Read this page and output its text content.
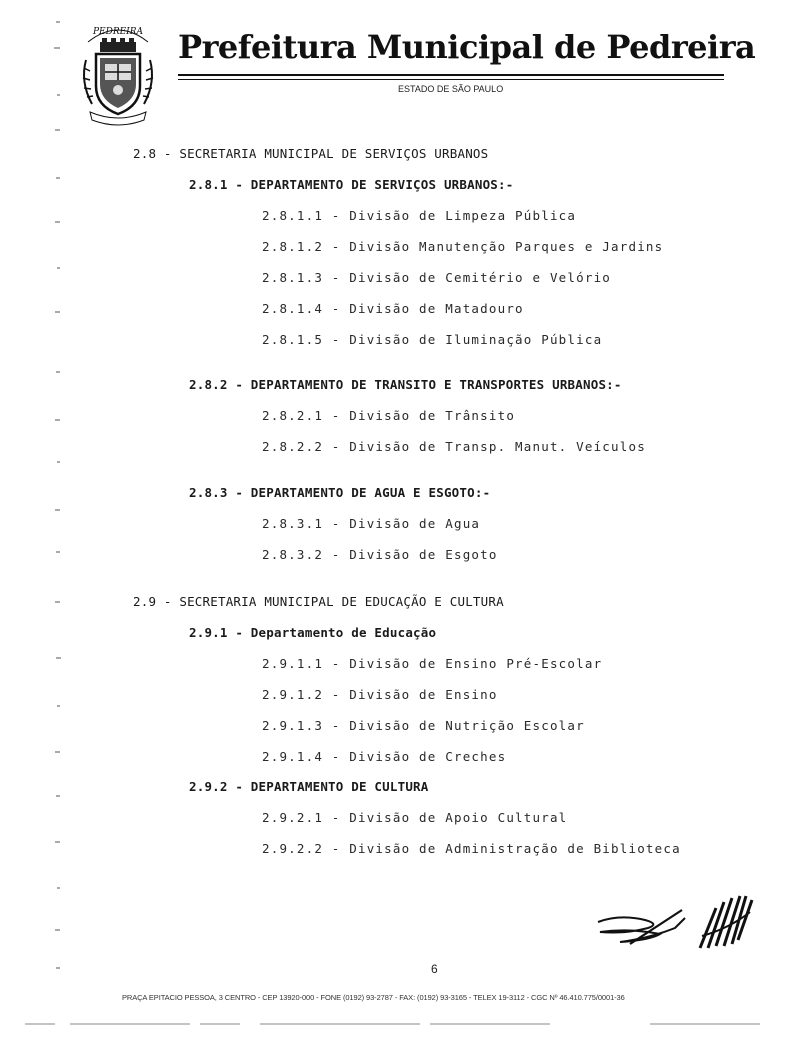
PEDREIRA Prefeitura Municipal de Pedreira
ESTADO DE SÃO PAULO
2.8 - SECRETARIA MUNICIPAL DE SERVIÇOS URBANOS
2.8.1 - DEPARTAMENTO DE SERVIÇOS URBANOS:-
2.8.1.1 - Divisão de Limpeza Pública
2.8.1.2 - Divisão Manutenção Parques e Jardins
2.8.1.3 - Divisão de Cemitério e Velório
2.8.1.4 - Divisão de Matadouro
2.8.1.5 - Divisão de Iluminação Pública
2.8.2 - DEPARTAMENTO DE TRANSITO E TRANSPORTES URBANOS:-
2.8.2.1 - Divisão de Trânsito
2.8.2.2 - Divisão de Transp. Manut. Veículos
2.8.3 - DEPARTAMENTO DE AGUA E ESGOTO:-
2.8.3.1 - Divisão de Agua
2.8.3.2 - Divisão de Esgoto
2.9 - SECRETARIA MUNICIPAL DE EDUCAÇÃO E CULTURA
2.9.1 - Departamento de Educação
2.9.1.1 - Divisão de Ensino Pré-Escolar
2.9.1.2 - Divisão de Ensino
2.9.1.3 - Divisão de Nutrição Escolar
2.9.1.4 - Divisão de Creches
2.9.2 - DEPARTAMENTO DE CULTURA
2.9.2.1 - Divisão de Apoio Cultural
2.9.2.2 - Divisão de Administração de Biblioteca
6
PRAÇA EPITACIO PESSOA, 3 CENTRO - CEP 13920-000 - FONE (0192) 93-2787 - FAX: (0192) 93-3165 - TELEX 19-3112 - CGC Nº 46.410.775/0001-36
